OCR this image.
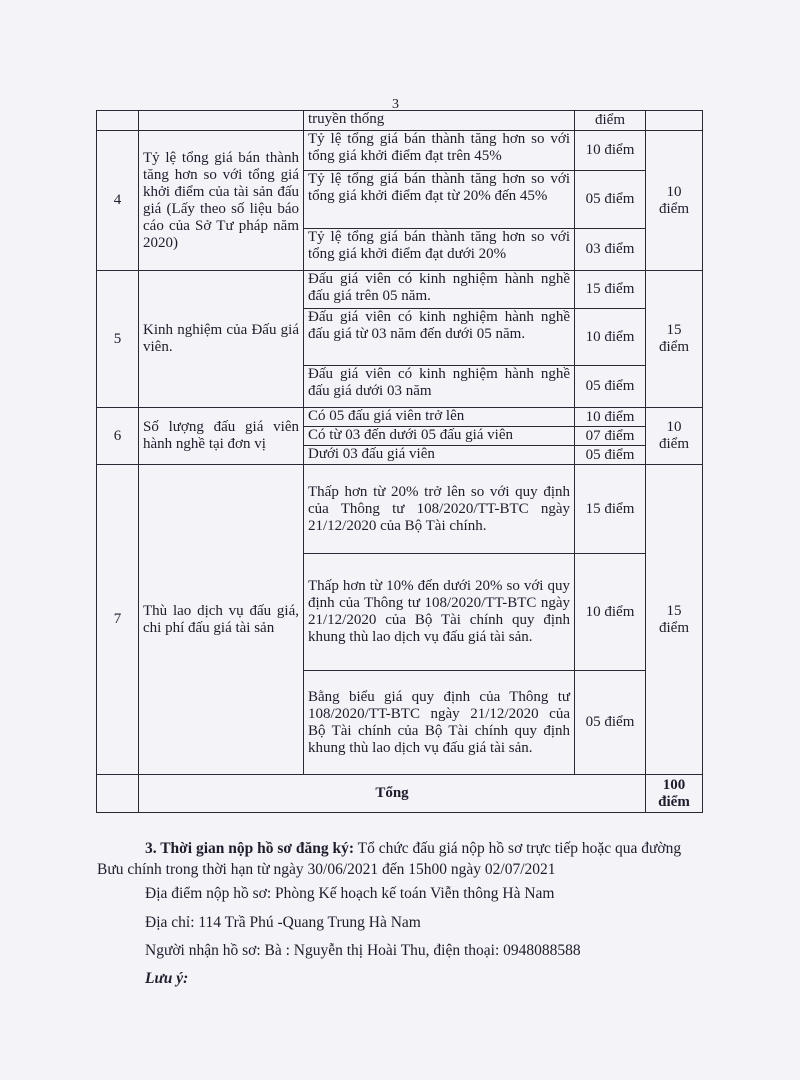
3
		truyền thống	điểm	
4	Tỷ lệ tổng giá bán thành tăng hơn so với tổng giá khởi điểm của tài sản đấu giá (Lấy theo số liệu báo cáo của Sở Tư pháp năm 2020)	Tỷ lệ tổng giá bán thành tăng hơn so với tổng giá khởi điểm đạt trên 45%	10 điểm	10 điểm
		Tỷ lệ tổng giá bán thành tăng hơn so với tổng giá khởi điểm đạt từ 20% đến 45%	05 điểm	
		Tỷ lệ tổng giá bán thành tăng hơn so với tổng giá khởi điểm đạt dưới 20%	03 điểm	
5	Kinh nghiệm của Đấu giá viên.	Đấu giá viên có kinh nghiệm hành nghề đấu giá trên 05 năm.	15 điểm	15 điểm
		Đấu giá viên có kinh nghiệm hành nghề đấu giá từ 03 năm đến dưới 05 năm.	10 điểm	
		Đấu giá viên có kinh nghiệm hành nghề đấu giá dưới 03 năm	05 điểm	
6	Số lượng đấu giá viên hành nghề tại đơn vị	Có 05 đấu giá viên trở lên	10 điểm	10 điểm
		Có từ 03 đến dưới 05 đấu giá viên	07 điểm	
		Dưới 03 đấu giá viên	05 điểm	
7	Thù lao dịch vụ đấu giá, chi phí đấu giá tài sản	Thấp hơn từ 20% trở lên so với quy định của Thông tư 108/2020/TT-BTC ngày 21/12/2020 của Bộ Tài chính.	15 điểm	15 điểm
		Thấp hơn từ 10% đến dưới 20% so với quy định của Thông tư 108/2020/TT-BTC ngày 21/12/2020 của Bộ Tài chính quy định khung thù lao dịch vụ đấu giá tài sản.	10 điểm	
		Bằng biểu giá quy định của Thông tư 108/2020/TT-BTC ngày 21/12/2020 của Bộ Tài chính của Bộ Tài chính quy định khung thù lao dịch vụ đấu giá tài sản.	05 điểm	
	Tổng			100 điểm
3. Thời gian nộp hồ sơ đăng ký: Tổ chức đấu giá nộp hồ sơ trực tiếp hoặc qua đường Bưu chính trong thời hạn từ ngày 30/06/2021 đến 15h00 ngày 02/07/2021
Địa điểm nộp hồ sơ: Phòng Kế hoạch kế toán Viễn thông Hà Nam
Địa chỉ: 114 Trầ Phú -Quang Trung Hà Nam
Người nhận hồ sơ: Bà : Nguyễn thị Hoài Thu, điện thoại: 0948088588
Lưu ý:
